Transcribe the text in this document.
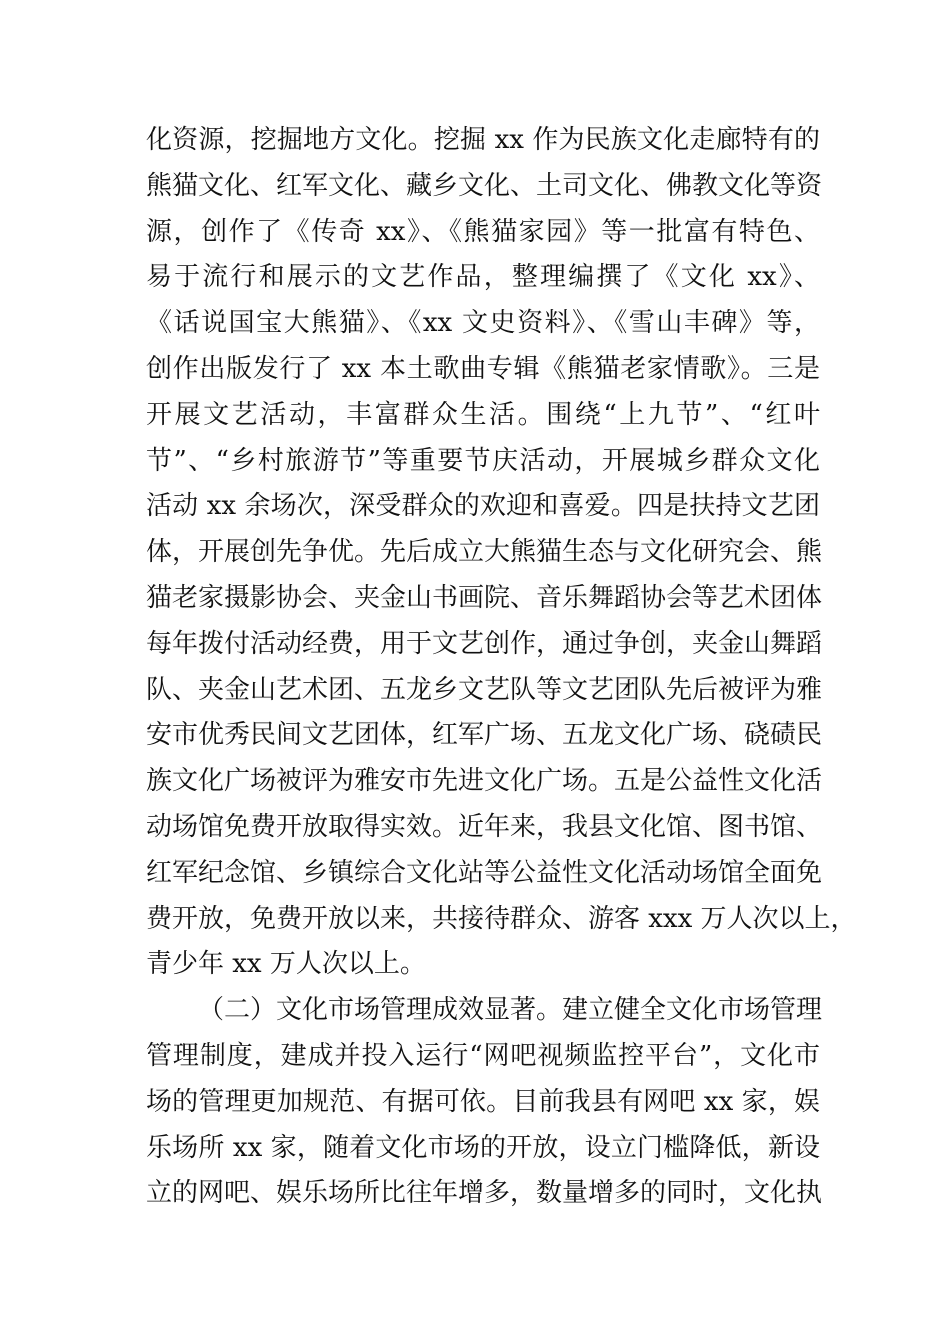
化资源，挖掘地方文化。挖掘 xx 作为民族文化走廊特有的
熊猫文化、红军文化、藏乡文化、土司文化、佛教文化等资
源，创作了《传奇 xx》、《熊猫家园》等一批富有特色、
易于流行和展示的文艺作品，整理编撰了《文化 xx》、
《话说国宝大熊猫》、《xx 文史资料》、《雪山丰碑》等，
创作出版发行了 xx 本土歌曲专辑《熊猫老家情歌》。三是
开展文艺活动，丰富群众生活。围绕“上九节”、“红叶
节”、“乡村旅游节”等重要节庆活动，开展城乡群众文化
活动 xx 余场次，深受群众的欢迎和喜爱。四是扶持文艺团
体，开展创先争优。先后成立大熊猫生态与文化研究会、熊
猫老家摄影协会、夹金山书画院、音乐舞蹈协会等艺术团体
每年拨付活动经费，用于文艺创作，通过争创，夹金山舞蹈
队、夹金山艺术团、五龙乡文艺队等文艺团队先后被评为雅
安市优秀民间文艺团体，红军广场、五龙文化广场、硗碛民
族文化广场被评为雅安市先进文化广场。五是公益性文化活
动场馆免费开放取得实效。近年来，我县文化馆、图书馆、
红军纪念馆、乡镇综合文化站等公益性文化活动场馆全面免
费开放，免费开放以来，共接待群众、游客 xxx 万人次以上，
青少年 xx 万人次以上。
（二）文化市场管理成效显著。建立健全文化市场管理
管理制度，建成并投入运行“网吧视频监控平台”，文化市
场的管理更加规范、有据可依。目前我县有网吧 xx 家，娱
乐场所 xx 家，随着文化市场的开放，设立门槛降低，新设
立的网吧、娱乐场所比往年增多，数量增多的同时，文化执
